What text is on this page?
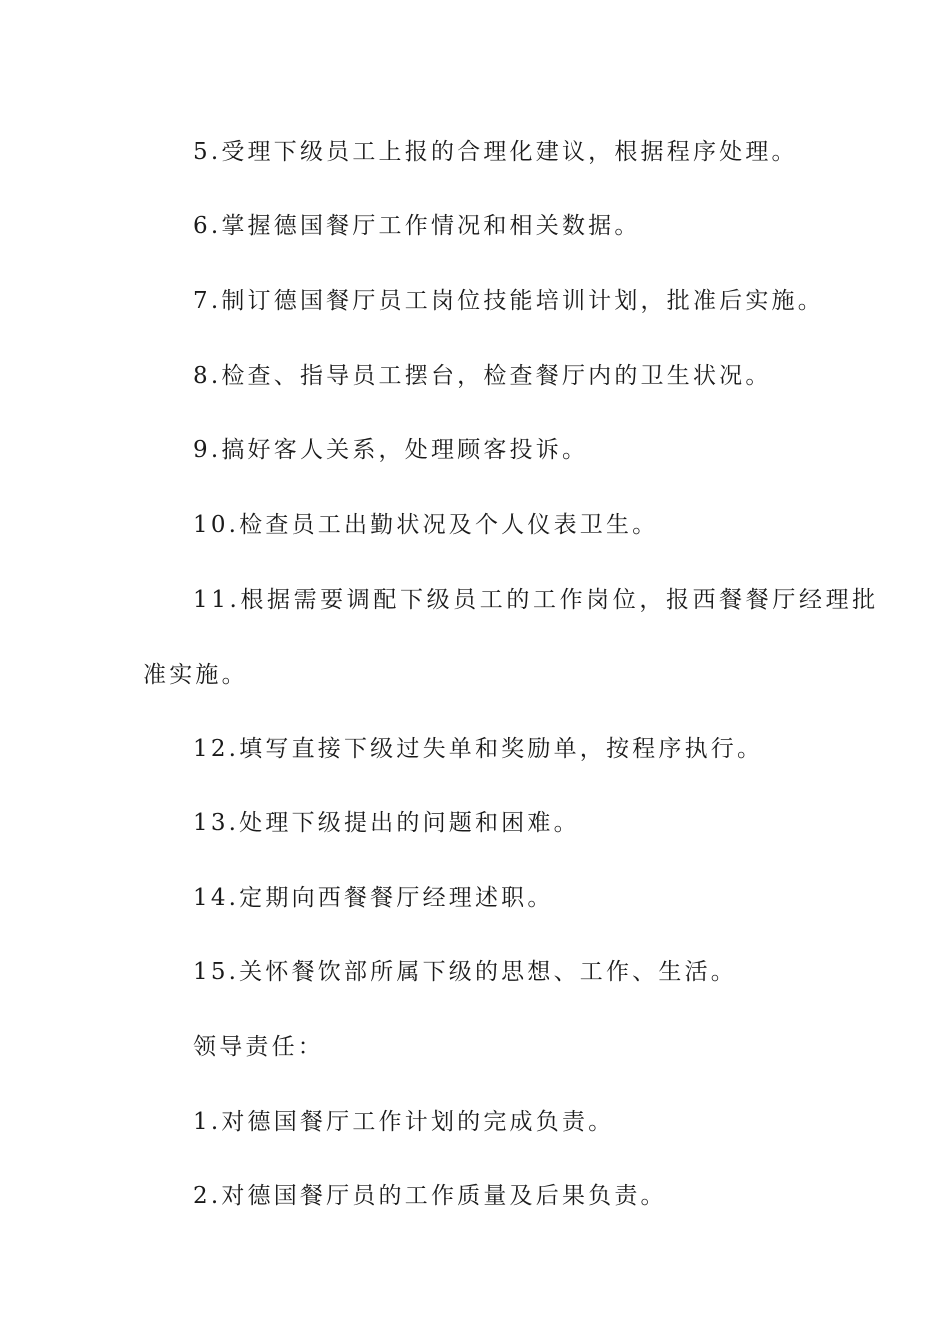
5.受理下级员工上报的合理化建议，根据程序处理。
6.掌握德国餐厅工作情况和相关数据。
7.制订德国餐厅员工岗位技能培训计划，批准后实施。
8.检查、指导员工摆台，检查餐厅内的卫生状况。
9.搞好客人关系，处理顾客投诉。
10.检查员工出勤状况及个人仪表卫生。
11.根据需要调配下级员工的工作岗位，报西餐餐厅经理批
准实施。
12.填写直接下级过失单和奖励单，按程序执行。
13.处理下级提出的问题和困难。
14.定期向西餐餐厅经理述职。
15.关怀餐饮部所属下级的思想、工作、生活。
领导责任：
1.对德国餐厅工作计划的完成负责。
2.对德国餐厅员的工作质量及后果负责。
